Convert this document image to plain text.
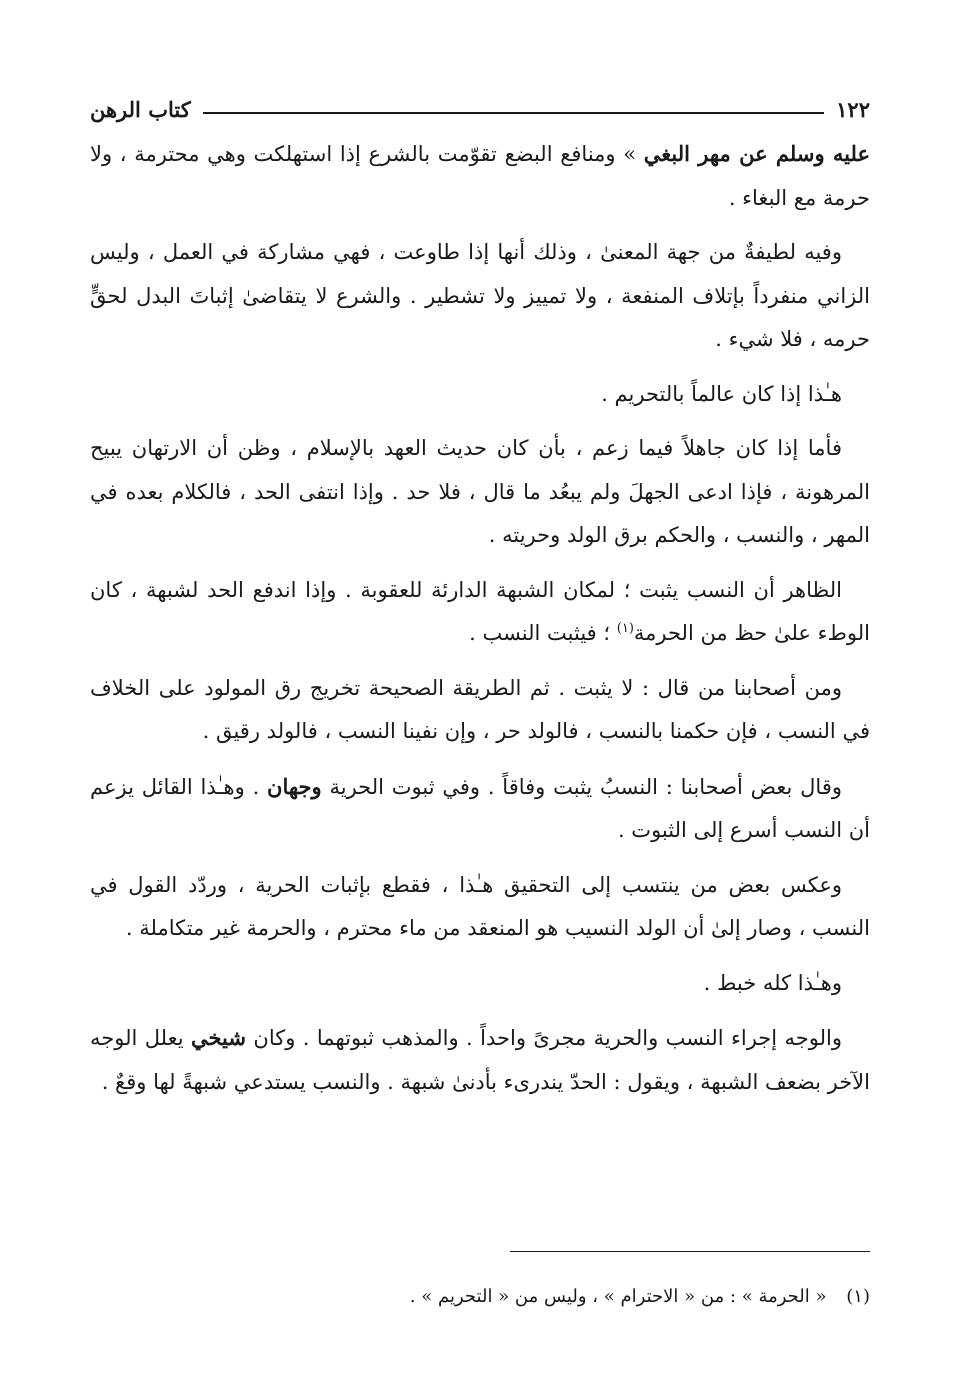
١٢٢
كتاب الرهن

عليه وسلم عن مهر البغي » ومنافع البضع تقوّمت بالشرع إذا استهلكت وهي محترمة ، ولا حرمة مع البغاء .

وفيه لطيفةٌ من جهة المعنىٰ ، وذلك أنها إذا طاوعت ، فهي مشاركة في العمل ، وليس الزاني منفرداً بإتلاف المنفعة ، ولا تمييز ولا تشطير . والشرع لا يتقاضىٰ إثباتَ البدل لحقٍّ حرمه ، فلا شيء .

هـٰذا إذا كان عالماً بالتحريم .

فأما إذا كان جاهلاً فيما زعم ، بأن كان حديث العهد بالإسلام ، وظن أن الارتهان يبيح المرهونة ، فإذا ادعى الجهلَ ولم يبعُد ما قال ، فلا حد . وإذا انتفى الحد ، فالكلام بعده في المهر ، والنسب ، والحكم برق الولد وحريته .

الظاهر أن النسب يثبت ؛ لمكان الشبهة الدارئة للعقوبة . وإذا اندفع الحد لشبهة ، كان الوطء علىٰ حظ من الحرمة$^{(١)}$ ؛ فيثبت النسب .

ومن أصحابنا من قال : لا يثبت . ثم الطريقة الصحيحة تخريج رق المولود على الخلاف في النسب ، فإن حكمنا بالنسب ، فالولد حر ، وإن نفينا النسب ، فالولد رقيق .

وقال بعض أصحابنا : النسبُ يثبت وفاقاً . وفي ثبوت الحرية وجهان . وهـٰذا القائل يزعم أن النسب أسرع إلى الثبوت .

وعكس بعض من ينتسب إلى التحقيق هـٰذا ، فقطع بإثبات الحرية ، وردّد القول في النسب ، وصار إلىٰ أن الولد النسيب هو المنعقد من ماء محترم ، والحرمة غير متكاملة .

وهـٰذا كله خبط .

والوجه إجراء النسب والحرية مجرىً واحداً . والمذهب ثبوتهما . وكان شيخي يعلل الوجه الآخر بضعف الشبهة ، ويقول : الحدّ يندرىء بأدنىٰ شبهة . والنسب يستدعي شبهةً لها وقعٌ .

(١) « الحرمة » : من « الاحترام » ، وليس من « التحريم » .
